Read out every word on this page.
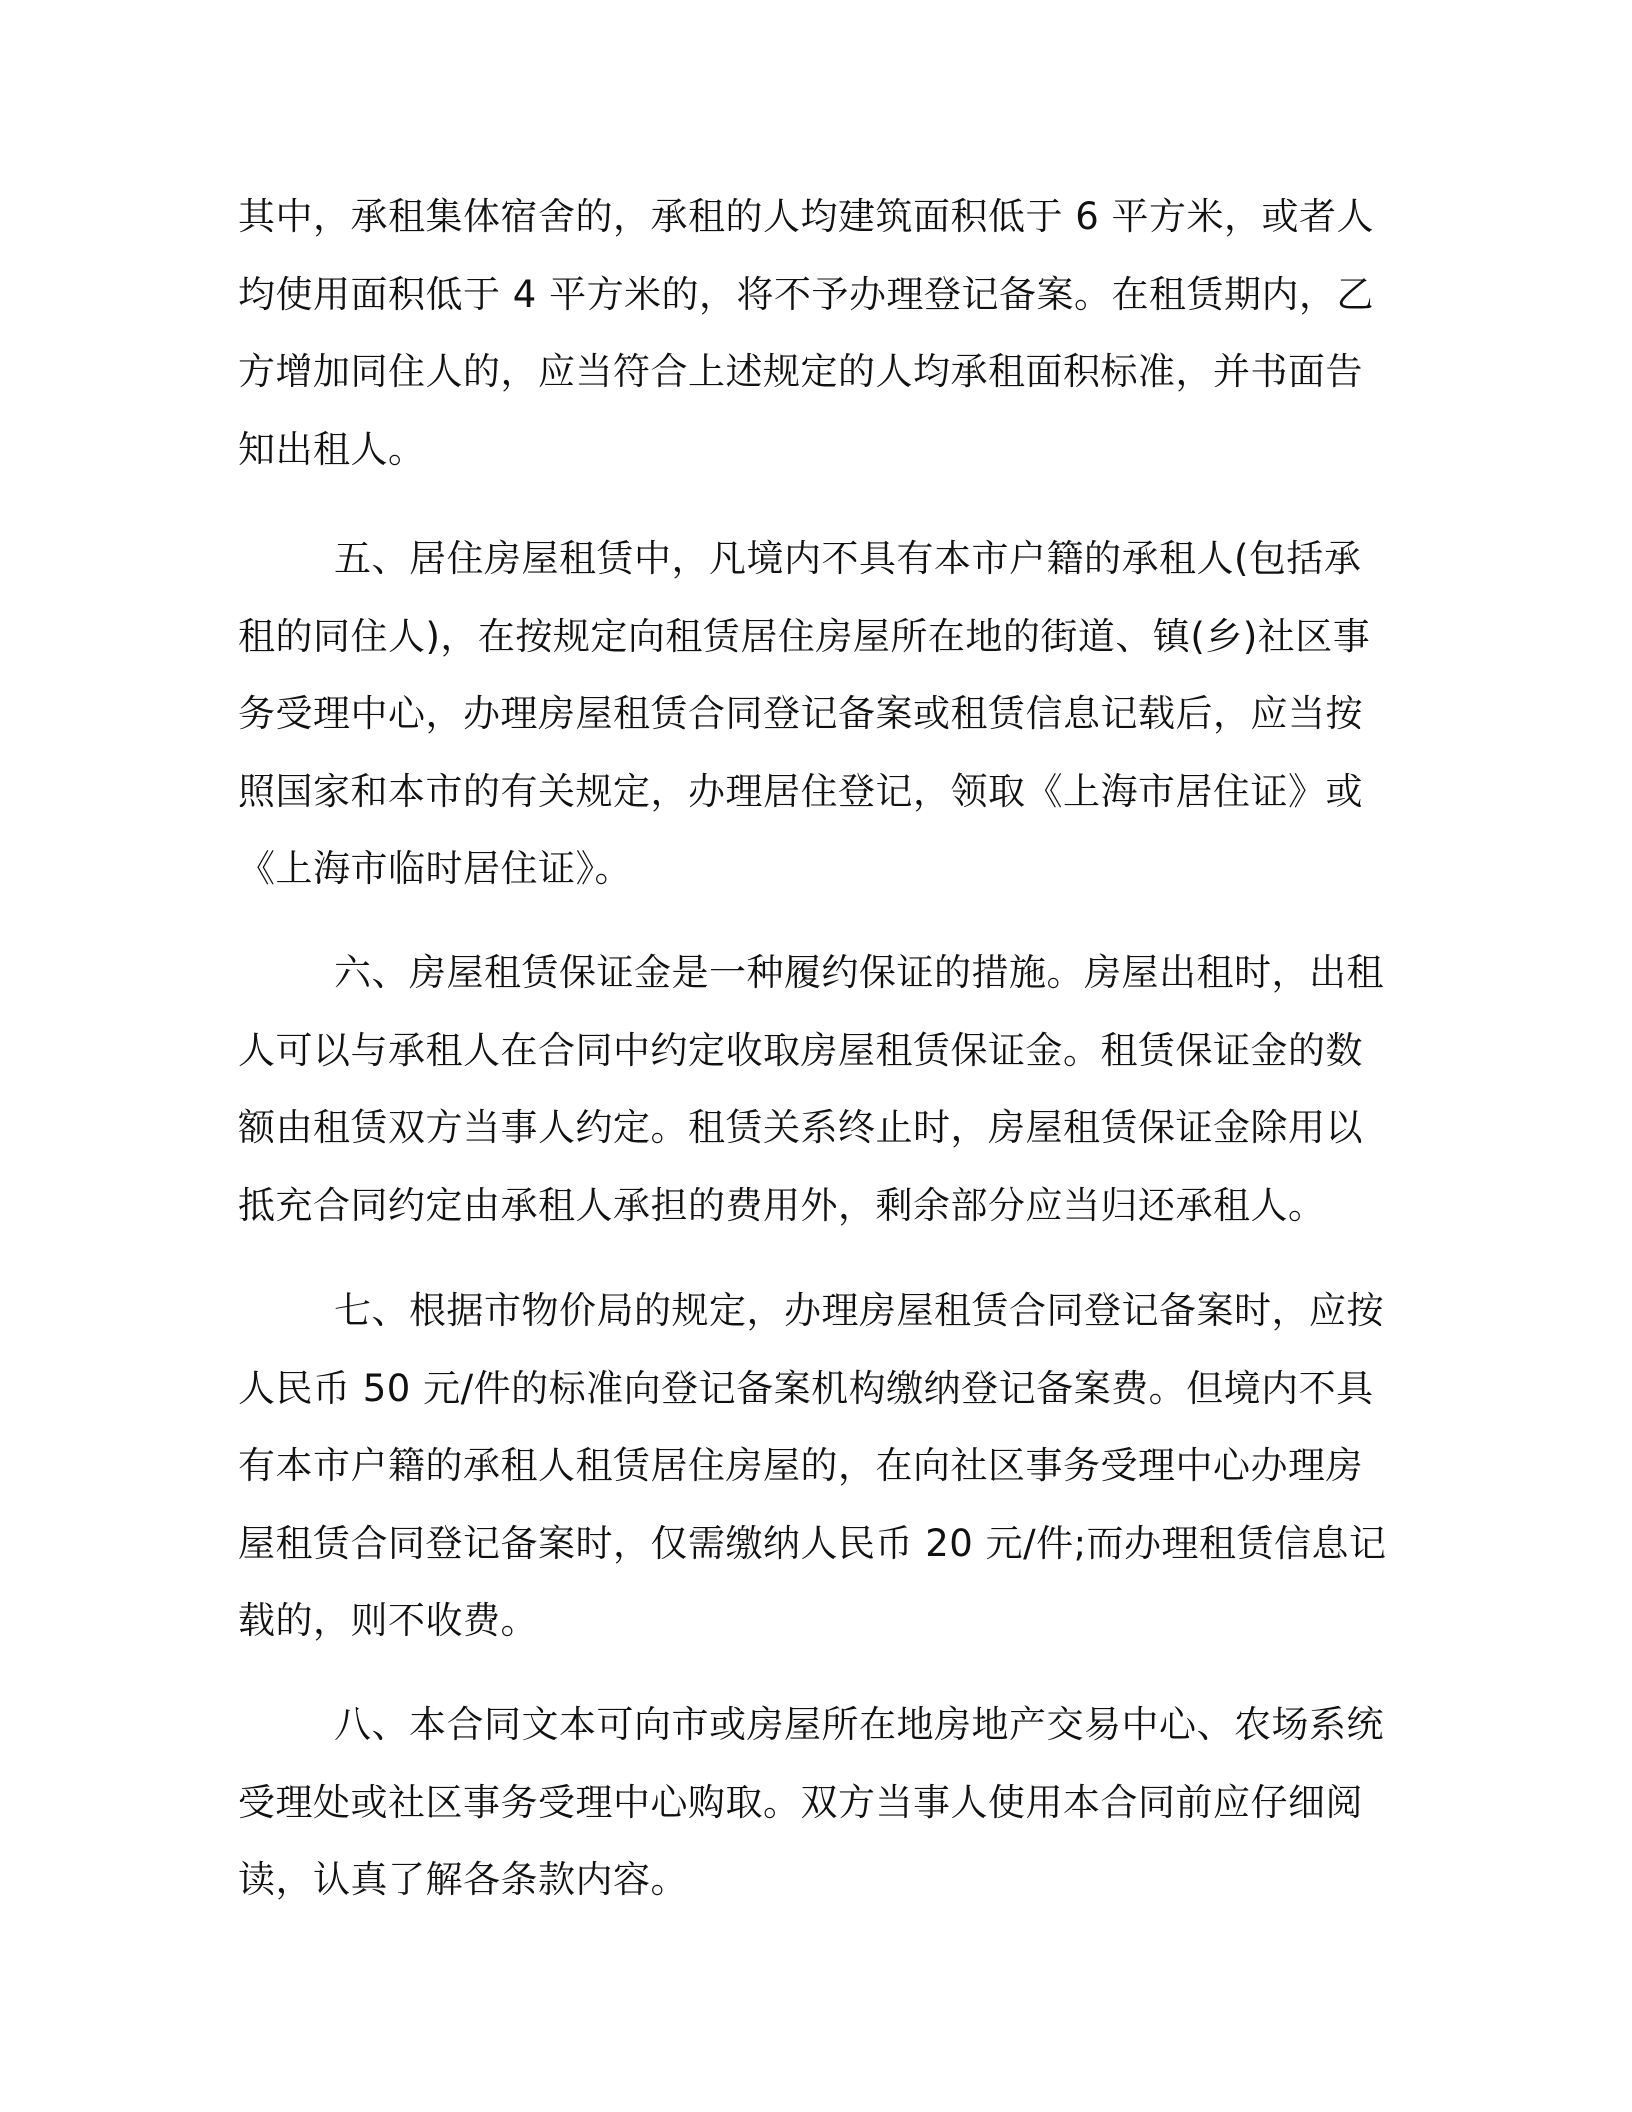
其中，承租集体宿舍的，承租的人均建筑面积低于 6 平方米，或者人
均使用面积低于 4 平方米的，将不予办理登记备案。在租赁期内，乙
方增加同住人的，应当符合上述规定的人均承租面积标准，并书面告
知出租人。

五、居住房屋租赁中，凡境内不具有本市户籍的承租人(包括承
租的同住人)，在按规定向租赁居住房屋所在地的街道、镇(乡)社区事
务受理中心，办理房屋租赁合同登记备案或租赁信息记载后，应当按
照国家和本市的有关规定，办理居住登记，领取《上海市居住证》或
《上海市临时居住证》。

六、房屋租赁保证金是一种履约保证的措施。房屋出租时，出租
人可以与承租人在合同中约定收取房屋租赁保证金。租赁保证金的数
额由租赁双方当事人约定。租赁关系终止时，房屋租赁保证金除用以
抵充合同约定由承租人承担的费用外，剩余部分应当归还承租人。

七、根据市物价局的规定，办理房屋租赁合同登记备案时，应按
人民币 50 元/件的标准向登记备案机构缴纳登记备案费。但境内不具
有本市户籍的承租人租赁居住房屋的，在向社区事务受理中心办理房
屋租赁合同登记备案时，仅需缴纳人民币 20 元/件;而办理租赁信息记
载的，则不收费。

八、本合同文本可向市或房屋所在地房地产交易中心、农场系统
受理处或社区事务受理中心购取。双方当事人使用本合同前应仔细阅
读，认真了解各条款内容。
